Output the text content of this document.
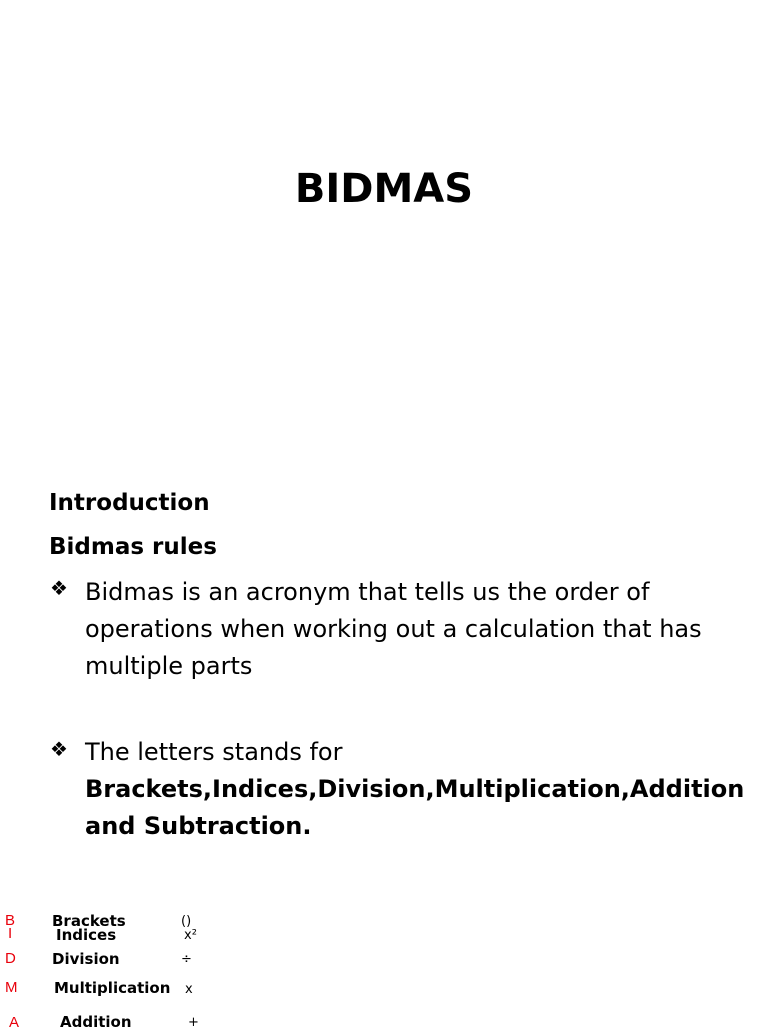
BIDMAS
Introduction
Bidmas rules
❖ Bidmas is an acronym that tells us the order of operations when working out a calculation that has multiple parts
❖ The letters stands for
Brackets,Indices,Division,Multiplication,Addition and Subtraction.
B Brackets	()
I	Indices	x²
D Division	÷
M Multiplication x
A	Addition	+
